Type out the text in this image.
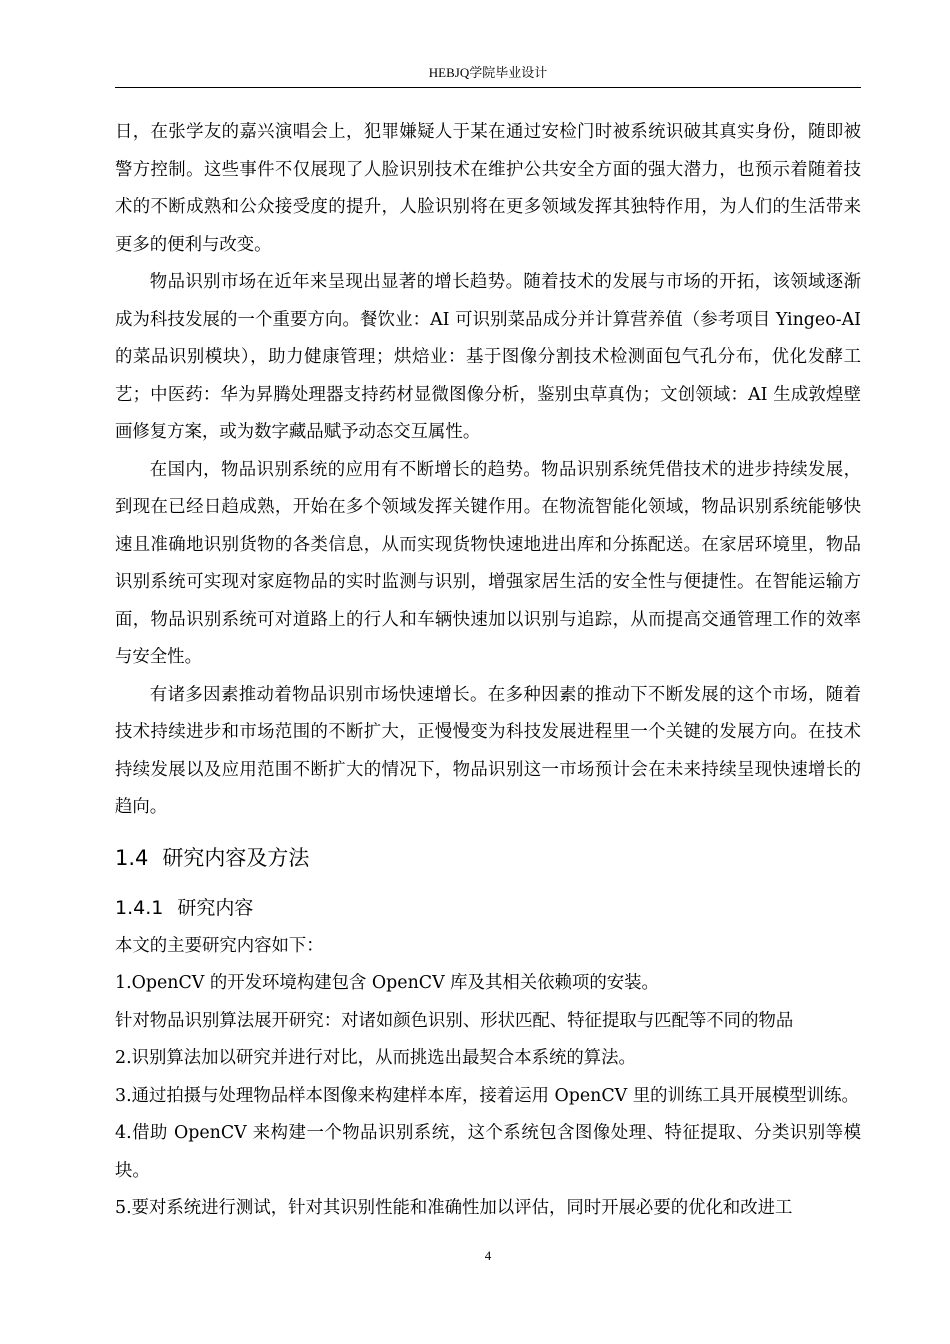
HEBJQ学院毕业设计

日，在张学友的嘉兴演唱会上，犯罪嫌疑人于某在通过安检门时被系统识破其真实身份，随即被警方控制。这些事件不仅展现了人脸识别技术在维护公共安全方面的强大潜力，也预示着随着技术的不断成熟和公众接受度的提升，人脸识别将在更多领域发挥其独特作用，为人们的生活带来更多的便利与改变。

物品识别市场在近年来呈现出显著的增长趋势。随着技术的发展与市场的开拓，该领域逐渐成为科技发展的一个重要方向。餐饮业：AI 可识别菜品成分并计算营养值（参考项目 Yingeo-AI 的菜品识别模块），助力健康管理；烘焙业：基于图像分割技术检测面包气孔分布，优化发酵工艺；中医药：华为昇腾处理器支持药材显微图像分析，鉴别虫草真伪；文创领域：AI 生成敦煌壁画修复方案，或为数字藏品赋予动态交互属性。

在国内，物品识别系统的应用有不断增长的趋势。物品识别系统凭借技术的进步持续发展，到现在已经日趋成熟，开始在多个领域发挥关键作用。在物流智能化领域，物品识别系统能够快速且准确地识别货物的各类信息，从而实现货物快速地进出库和分拣配送。在家居环境里，物品识别系统可实现对家庭物品的实时监测与识别，增强家居生活的安全性与便捷性。在智能运输方面，物品识别系统可对道路上的行人和车辆快速加以识别与追踪，从而提高交通管理工作的效率与安全性。

有诸多因素推动着物品识别市场快速增长。在多种因素的推动下不断发展的这个市场，随着技术持续进步和市场范围的不断扩大，正慢慢变为科技发展进程里一个关键的发展方向。在技术持续发展以及应用范围不断扩大的情况下，物品识别这一市场预计会在未来持续呈现快速增长的趋向。

1.4 研究内容及方法
1.4.1 研究内容

本文的主要研究内容如下：

1.OpenCV 的开发环境构建包含 OpenCV 库及其相关依赖项的安装。

针对物品识别算法展开研究：对诸如颜色识别、形状匹配、特征提取与匹配等不同的物品

2.识别算法加以研究并进行对比，从而挑选出最契合本系统的算法。

3.通过拍摄与处理物品样本图像来构建样本库，接着运用 OpenCV 里的训练工具开展模型训练。

4.借助 OpenCV 来构建一个物品识别系统，这个系统包含图像处理、特征提取、分类识别等模块。

5.要对系统进行测试，针对其识别性能和准确性加以评估，同时开展必要的优化和改进工

4
